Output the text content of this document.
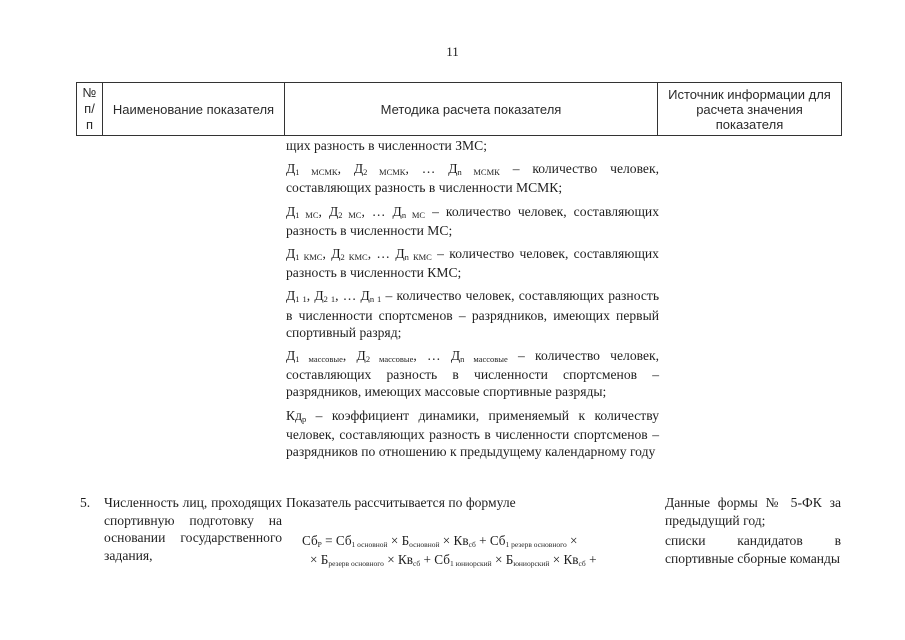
11
№
п/п
Наименование показателя	Методика расчета показателя
Источник информации для расчета значения показателя

щих разность в численности ЗМС;

Д1 МСМК, Д2 МСМК, … Дn МСМК – количество человек, составляющих разность в численности МСМК;

Д1 МС, Д2 МС, … Дn МС – количество человек, составляющих разность в численности МС;

Д1 КМС, Д2 КМС, … Дn КМС – количество человек, составляющих разность в численности КМС;

Д1 1, Д2 1, … Дn 1 – количество человек, составляющих разность в численности спортсменов – разрядников, имеющих первый спортивный разряд;

Д1 массовые, Д2 массовые, … Дn массовые – количество человек, составляющих разность в численности спортсменов – разрядников, имеющих массовые спортивные разряды;

Кдр – коэффициент динамики, применяемый к количеству человек, составляющих разность в численности спортсменов – разрядников по отношению к предыдущему календарному году

5. Численность лиц, проходящих спортивную подготовку на основании государственного задания,
Показатель рассчитывается по формуле
СбP = Сб1 основной × Босновной × Квсб + Сб1 резерв основного ×
× Брезерв основного × Квсб + Сб1 юниорский × Бюниорский × Квсб +

Данные формы № 5-ФК за предыдущий год;

списки кандидатов в спортивные сборные команды
